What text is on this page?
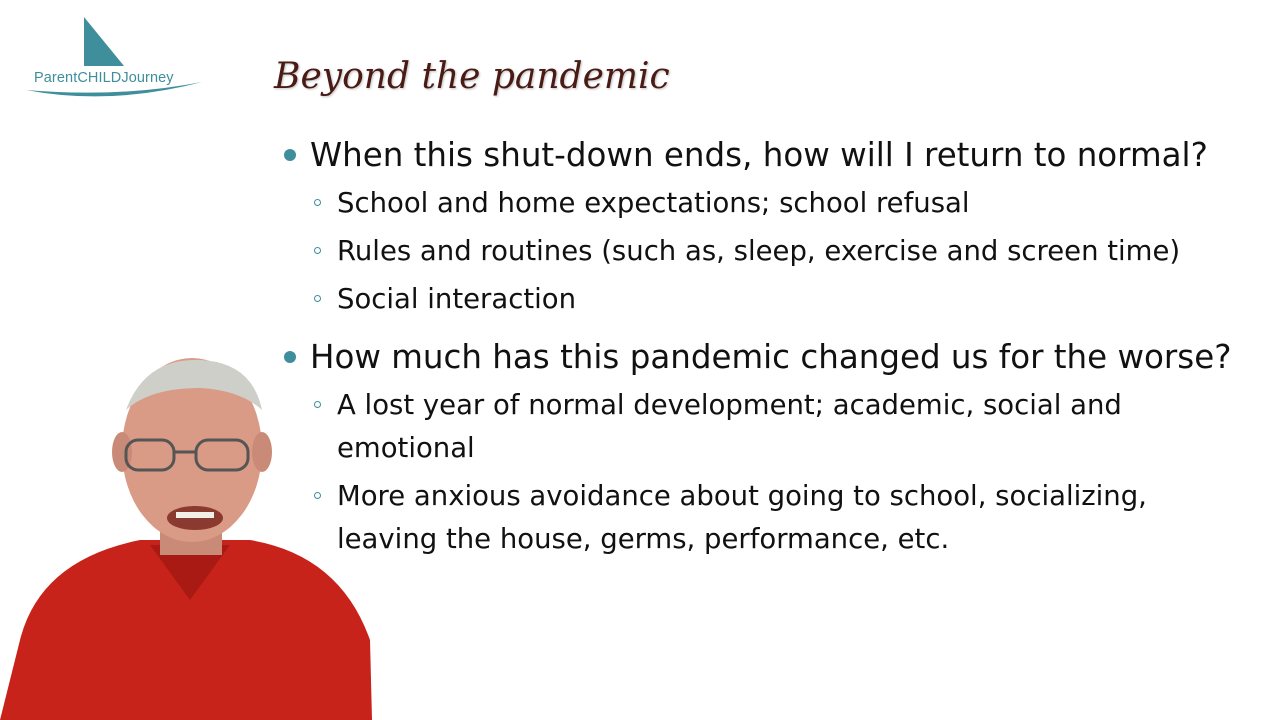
ParentCHILDJourney	Beyond the pandemic
When this shut-down ends, how will I return to normal?
School and home expectations; school refusal
Rules and routines (such as, sleep, exercise and screen time)
Social interaction
How much has this pandemic changed us for the worse?
A lost year of normal development; academic, social and emotional
More anxious avoidance about going to school, socializing, leaving the house, germs, performance, etc.
